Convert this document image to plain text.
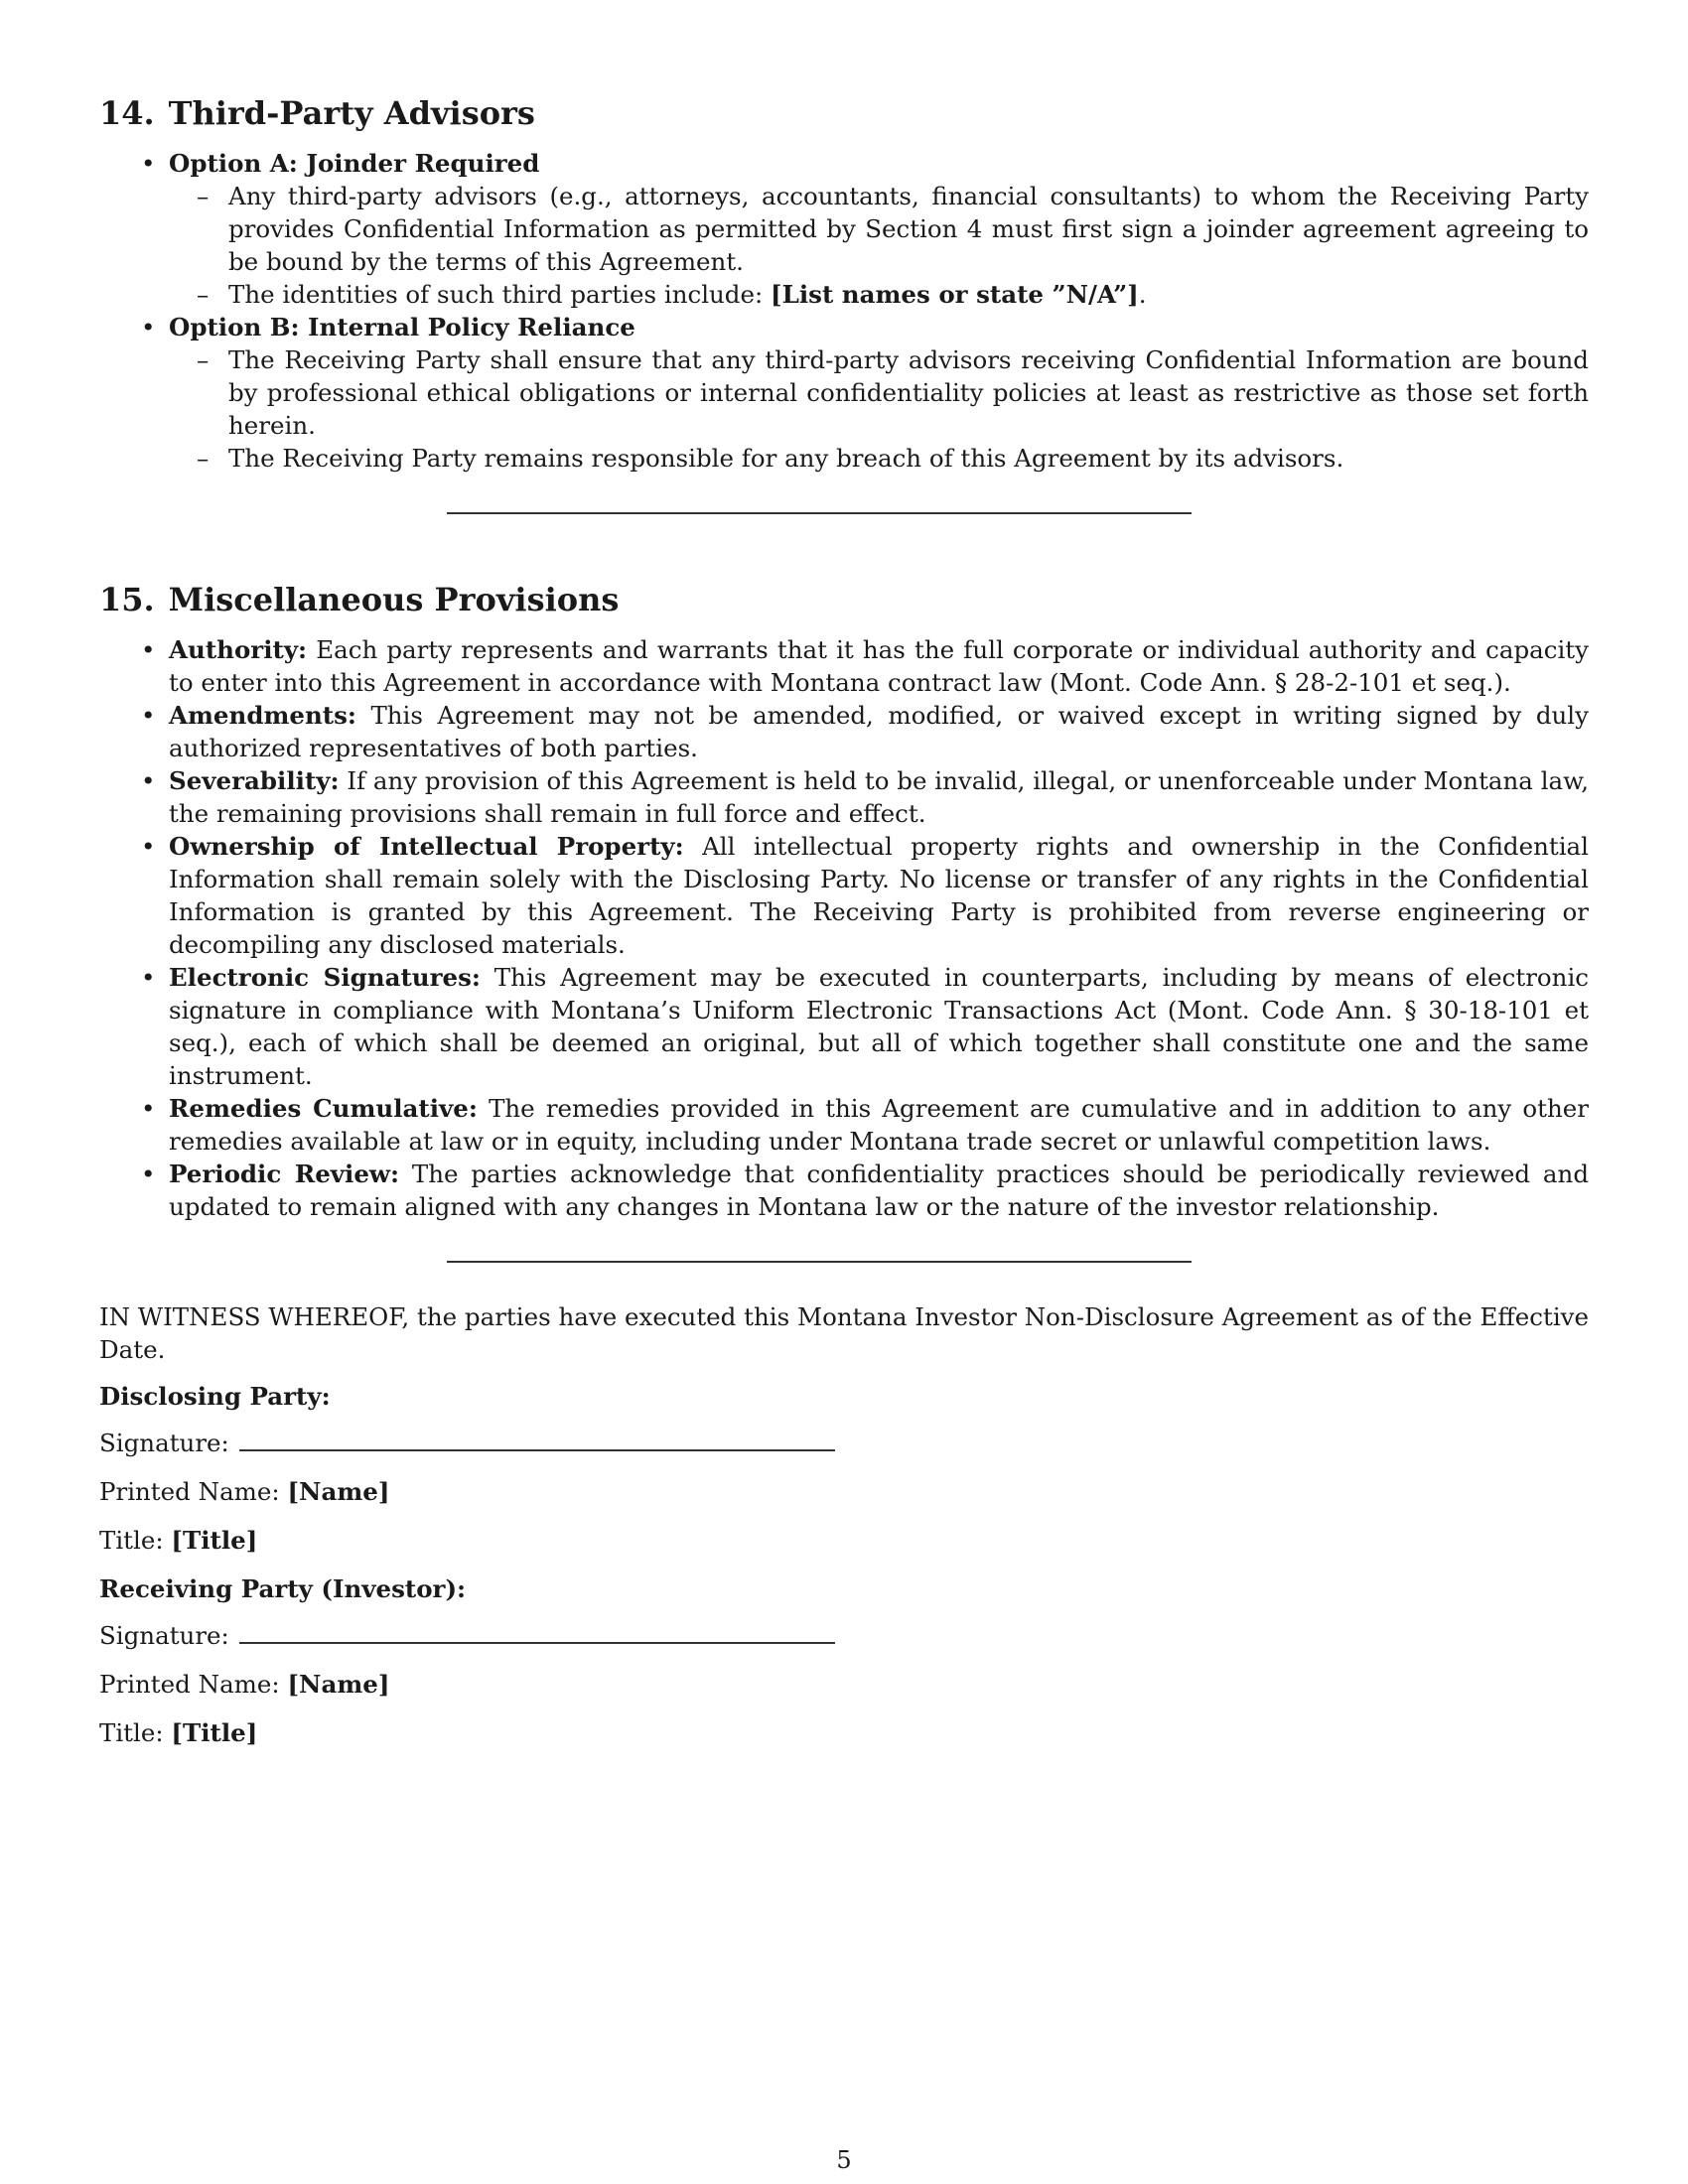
14. Third-Party Advisors
• Option A: Joinder Required
– Any third-party advisors (e.g., attorneys, accountants, financial consultants) to whom the Receiving Party provides Confidential Information as permitted by Section 4 must first sign a joinder agreement agreeing to be bound by the terms of this Agreement.
– The identities of such third parties include: [List names or state ”N/A”].
• Option B: Internal Policy Reliance
– The Receiving Party shall ensure that any third-party advisors receiving Confidential Information are bound by professional ethical obligations or internal confidentiality policies at least as restrictive as those set forth herein.
– The Receiving Party remains responsible for any breach of this Agreement by its advisors.
15. Miscellaneous Provisions
• Authority: Each party represents and warrants that it has the full corporate or individual authority and capacity to enter into this Agreement in accordance with Montana contract law (Mont. Code Ann. § 28-2-101 et seq.).
• Amendments: This Agreement may not be amended, modified, or waived except in writing signed by duly authorized representatives of both parties.
• Severability: If any provision of this Agreement is held to be invalid, illegal, or unenforceable under Montana law, the remaining provisions shall remain in full force and effect.
• Ownership of Intellectual Property: All intellectual property rights and ownership in the Confidential Information shall remain solely with the Disclosing Party. No license or transfer of any rights in the Confidential Information is granted by this Agreement. The Receiving Party is prohibited from reverse engineering or decompiling any disclosed materials.
• Electronic Signatures: This Agreement may be executed in counterparts, including by means of electronic signature in compliance with Montana’s Uniform Electronic Transactions Act (Mont. Code Ann. § 30-18-101 et seq.), each of which shall be deemed an original, but all of which together shall constitute one and the same instrument.
• Remedies Cumulative: The remedies provided in this Agreement are cumulative and in addition to any other remedies available at law or in equity, including under Montana trade secret or unlawful competition laws.
• Periodic Review: The parties acknowledge that confidentiality practices should be periodically reviewed and updated to remain aligned with any changes in Montana law or the nature of the investor relationship.

IN WITNESS WHEREOF, the parties have executed this Montana Investor Non-Disclosure Agreement as of the Effective Date.

Disclosing Party:

Signature:

Printed Name: [Name]

Title: [Title]

Receiving Party (Investor):

Signature:

Printed Name: [Name]

Title: [Title]

5
